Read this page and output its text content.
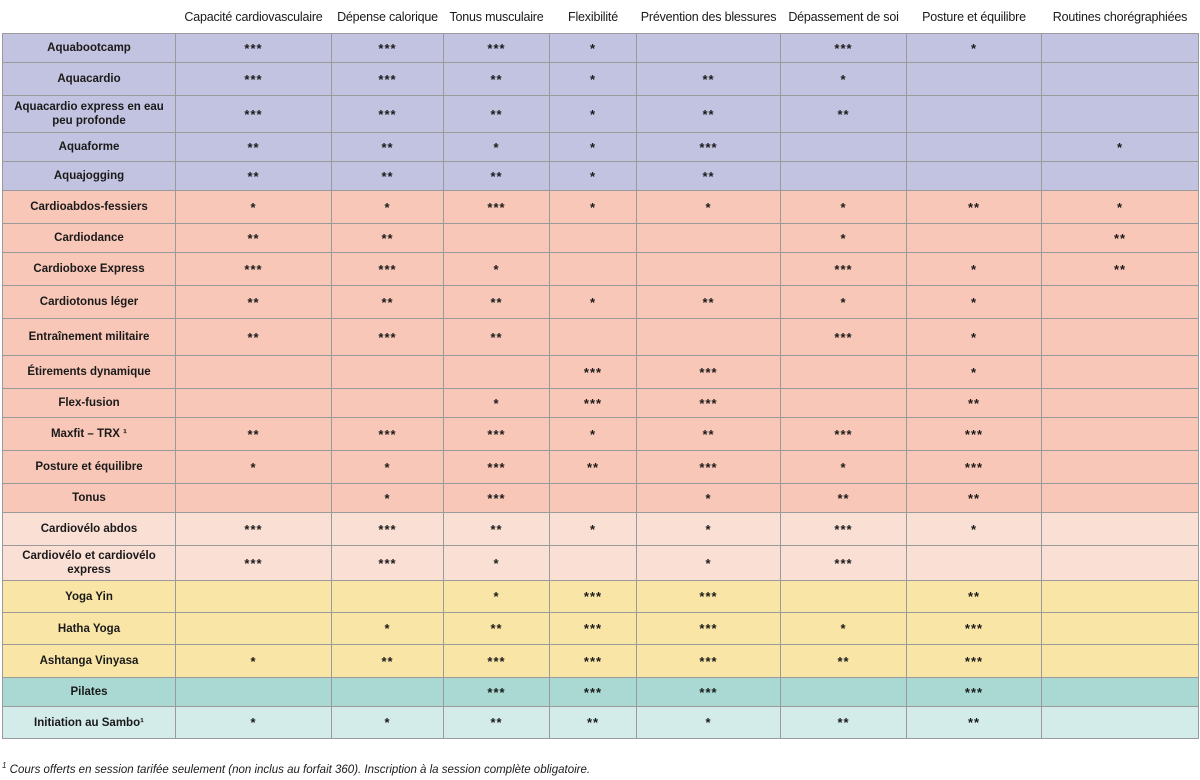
	Capacité cardiovasculaire	Dépense calorique	Tonus musculaire	Flexibilité	Prévention des blessures	Dépassement de soi	Posture et équilibre	Routines chorégraphiées
Aquabootcamp	***	***	***	*		***	*	
Aquacardio	***	***	**	*	**	*		
Aquacardio express en eau peu profonde	***	***	**	*	**	**		
Aquaforme	**	**	*	*	***			*
Aquajogging	**	**	**	*	**			
Cardioabdos-fessiers	*	*	***	*	*	*	**	*
Cardiodance	**	**				*		**
Cardioboxe Express	***	***	*			***	*	**
Cardiotonus léger	**	**	**	*	**	*	*	
Entraînement militaire	**	***	**			***	*	
Étirements dynamique				***	***		*	
Flex-fusion			*	***	***		**	
Maxfit – TRX ¹	**	***	***	*	**	***	***	
Posture et équilibre	*	*	***	**	***	*	***	
Tonus		*	***		*	**	**	
Cardiovélo abdos	***	***	**	*	*	***	*	
Cardiovélo et cardiovélo express	***	***	*		*	***		
Yoga Yin			*	***	***		**	
Hatha Yoga		*	**	***	***	*	***	
Ashtanga Vinyasa	*	**	***	***	***	**	***	
Pilates			***	***	***		***	
Initiation au Sambo¹	*	*	**	**	*	**	**	
$^1$ Cours offerts en session tarifée seulement (non inclus au forfait 360). Inscription à la session complète obligatoire.
